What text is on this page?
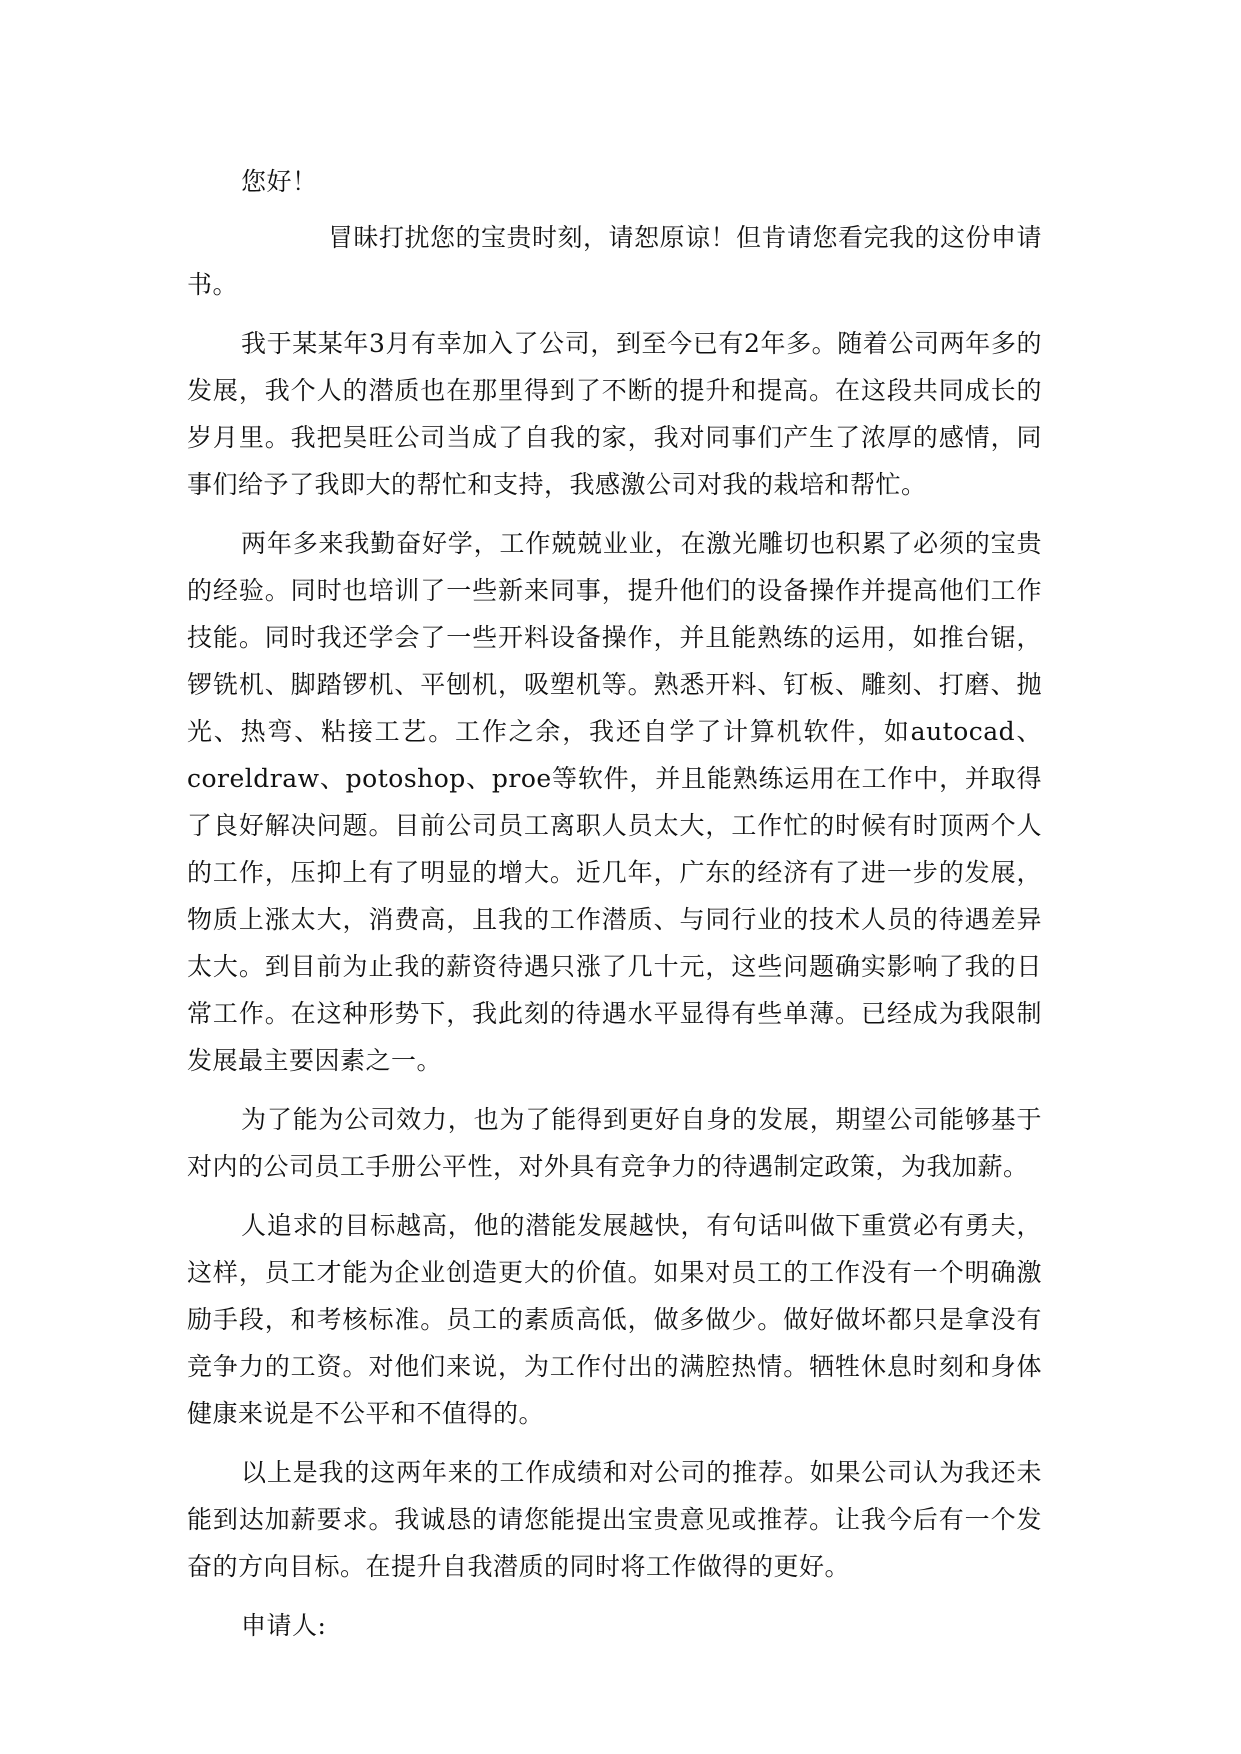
您好！

冒昧打扰您的宝贵时刻，请恕原谅！但肯请您看完我的这份申请书。

我于某某年3月有幸加入了公司，到至今已有2年多。随着公司两年多的发展，我个人的潜质也在那里得到了不断的提升和提高。在这段共同成长的岁月里。我把昊旺公司当成了自我的家，我对同事们产生了浓厚的感情，同事们给予了我即大的帮忙和支持，我感激公司对我的栽培和帮忙。

两年多来我勤奋好学，工作兢兢业业，在激光雕切也积累了必须的宝贵的经验。同时也培训了一些新来同事，提升他们的设备操作并提高他们工作技能。同时我还学会了一些开料设备操作，并且能熟练的运用，如推台锯，锣铣机、脚踏锣机、平刨机，吸塑机等。熟悉开料、钉板、雕刻、打磨、抛光、热弯、粘接工艺。工作之余，我还自学了计算机软件，如autocad、coreldraw、potoshop、proe等软件，并且能熟练运用在工作中，并取得了良好解决问题。目前公司员工离职人员太大，工作忙的时候有时顶两个人的工作，压抑上有了明显的增大。近几年，广东的经济有了进一步的发展，物质上涨太大，消费高，且我的工作潜质、与同行业的技术人员的待遇差异太大。到目前为止我的薪资待遇只涨了几十元，这些问题确实影响了我的日常工作。在这种形势下，我此刻的待遇水平显得有些单薄。已经成为我限制发展最主要因素之一。

为了能为公司效力，也为了能得到更好自身的发展，期望公司能够基于对内的公司员工手册公平性，对外具有竞争力的待遇制定政策，为我加薪。

人追求的目标越高，他的潜能发展越快，有句话叫做下重赏必有勇夫，这样，员工才能为企业创造更大的价值。如果对员工的工作没有一个明确激励手段，和考核标准。员工的素质高低，做多做少。做好做坏都只是拿没有竞争力的工资。对他们来说，为工作付出的满腔热情。牺牲休息时刻和身体健康来说是不公平和不值得的。

以上是我的这两年来的工作成绩和对公司的推荐。如果公司认为我还未能到达加薪要求。我诚恳的请您能提出宝贵意见或推荐。让我今后有一个发奋的方向目标。在提升自我潜质的同时将工作做得的更好。

申请人:
